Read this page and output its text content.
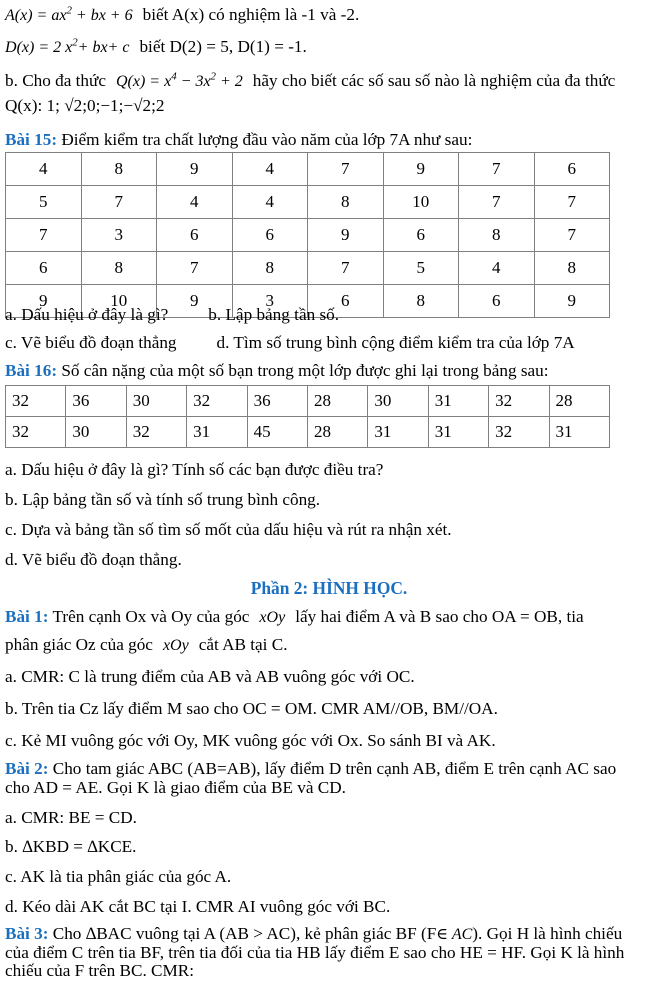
$A(x) = ax^2$ + bx + 6 biết A(x) có nghiệm là -1 và -2.
D(x) = 2 $x^2+ bx+ c$ biết D(2) = 5, D(1) = -1.
b. Cho đa thức $Q(x) = x^4 - 3x^2 + 2$ hãy cho biết các số sau số nào là nghiệm của đa thức
Q(x): 1; √2;0;−1;−√2;2
Bài 15: Điểm kiểm tra chất lượng đầu vào năm của lớp 7A như sau:
4	8	9	4	7	9	7	6
5	7	4	4	8	10	7	7
7	3	6	6	9	6	8	7
6	8	7	8	7	5	4	8
9	10	9	3	6	8	6	9
a. Dấu hiệu ở đây là gì? b. Lập bảng tần số.
c. Vẽ biểu đồ đoạn thẳng d. Tìm số trung bình cộng điểm kiểm tra của lớp 7A
Bài 16: Số cân nặng của một số bạn trong một lớp được ghi lại trong bảng sau:
32	36	30	32	36	28	30	31	32	28
32	30	32	31	45	28	31	31	32	31
a. Dấu hiệu ở đây là gì? Tính số các bạn được điều tra?
b. Lập bảng tần số và tính số trung bình công.
c. Dựa và bảng tần số tìm số mốt của dấu hiệu và rút ra nhận xét.
d. Vẽ biểu đồ đoạn thẳng.
Phần 2: HÌNH HỌC.
Bài 1: Trên cạnh Ox và Oy của góc xOy lấy hai điểm A và B sao cho OA = OB, tia
phân giác Oz của góc xOy cắt AB tại C.
a. CMR: C là trung điểm của AB và AB vuông góc với OC.
b. Trên tia Cz lấy điểm M sao cho OC = OM. CMR AM//OB, BM//OA.
c. Kẻ MI vuông góc với Oy, MK vuông góc với Ox. So sánh BI và AK.
Bài 2: Cho tam giác ABC (AB=AB), lấy điểm D trên cạnh AB, điểm E trên cạnh AC sao cho AD = AE. Gọi K là giao điểm của BE và CD.
a. CMR: BE = CD.
b. ∆KBD = ∆KCE.
c. AK là tia phân giác của góc A.
d. Kéo dài AK cắt BC tại I. CMR AI vuông góc với BC.
Bài 3: Cho ∆BAC vuông tại A (AB > AC), kẻ phân giác BF (F∈ AC). Gọi H là hình chiếu của điểm C trên tia BF, trên tia đối của tia HB lấy điểm E sao cho HE = HF. Gọi K là hình chiếu của F trên BC. CMR:
